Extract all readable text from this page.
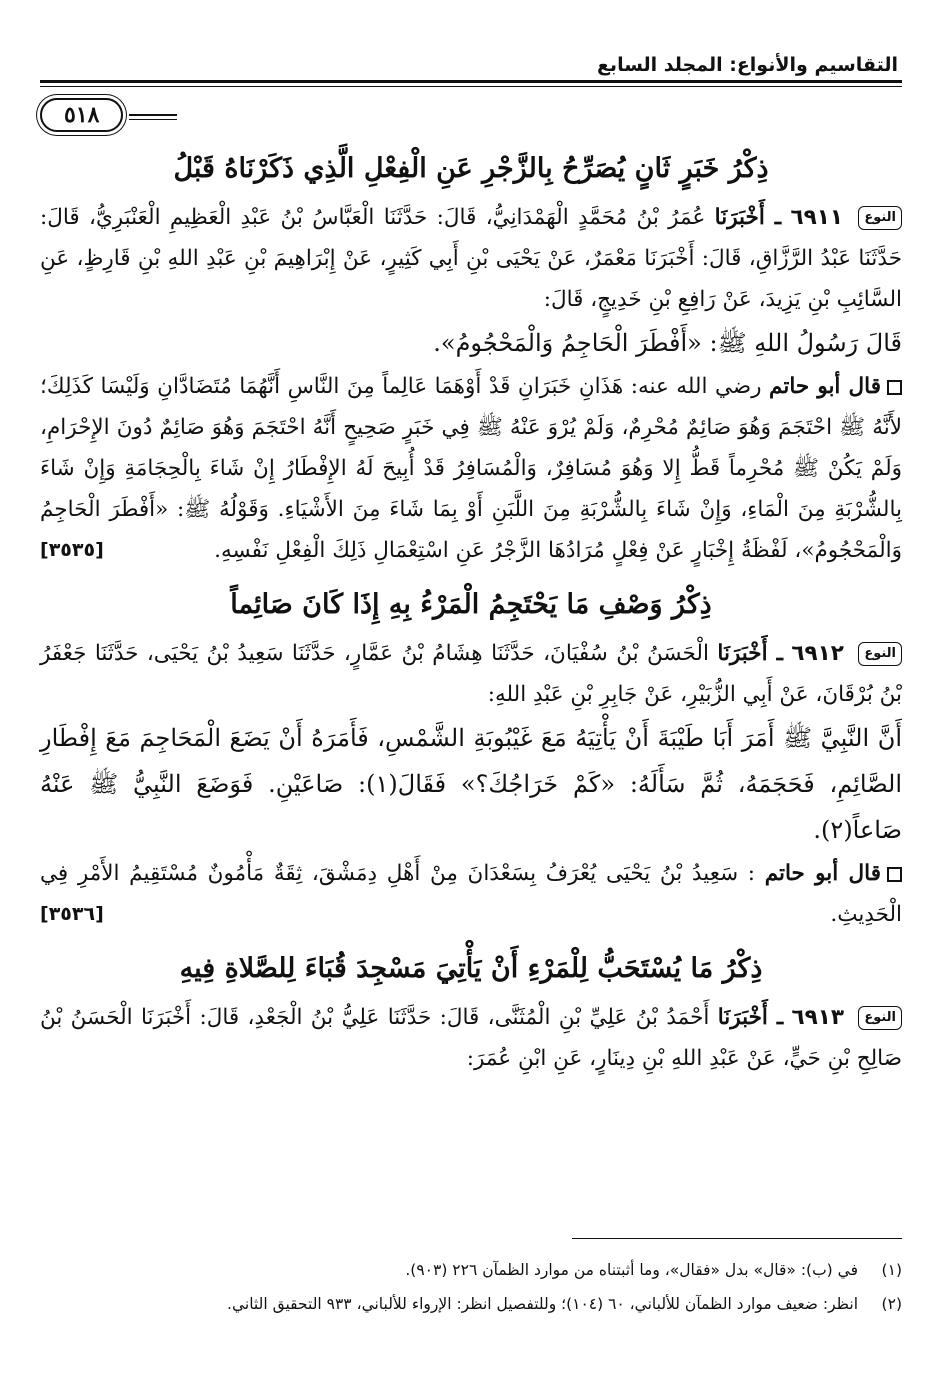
التقاسيم والأنواع: المجلد السابع
٥١٨
ذِكْرُ خَبَرٍ ثَانٍ يُصَرِّحُ بِالزَّجْرِ عَنِ الْفِعْلِ الَّذِي ذَكَرْنَاهُ قَبْلُ

النوع ٦٩١١ ـ أَخْبَرَنَا عُمَرُ بْنُ مُحَمَّدٍ الْهَمْدَانِيُّ، قَالَ: حَدَّثَنَا الْعَبَّاسُ بْنُ عَبْدِ الْعَظِيمِ الْعَنْبَرِيُّ، قَالَ: حَدَّثَنَا عَبْدُ الرَّزَّاقِ، قَالَ: أَخْبَرَنَا مَعْمَرٌ، عَنْ يَحْيَى بْنِ أَبِي كَثِيرٍ، عَنْ إِبْرَاهِيمَ بْنِ عَبْدِ اللهِ بْنِ قَارِظٍ، عَنِ السَّائِبِ بْنِ يَزِيدَ، عَنْ رَافِعِ بْنِ خَدِيجٍ، قَالَ:

قَالَ رَسُولُ اللهِ ﷺ: «أَفْطَرَ الْحَاجِمُ وَالْمَحْجُومُ».

قال أبو حاتم رضي الله عنه: هَذَانِ خَبَرَانِ قَدْ أَوْهَمَا عَالِماً مِنَ النَّاسِ أَنَّهُمَا مُتَضَادَّانِ وَلَيْسَا كَذَلِكَ؛ لأَنَّهُ ﷺ احْتَجَمَ وَهُوَ صَائِمٌ مُحْرِمٌ، وَلَمْ يُرْوَ عَنْهُ ﷺ فِي خَبَرٍ صَحِيحٍ أَنَّهُ احْتَجَمَ وَهُوَ صَائِمٌ دُونَ الإِحْرَامِ، وَلَمْ يَكُنْ ﷺ مُحْرِماً قَطُّ إِلا وَهُوَ مُسَافِرٌ، وَالْمُسَافِرُ قَدْ أُبِيحَ لَهُ الإِفْطَارُ إِنْ شَاءَ بِالْحِجَامَةِ وَإِنْ شَاءَ بِالشُّرْبَةِ مِنَ الْمَاءِ، وَإِنْ شَاءَ بِالشُّرْبَةِ مِنَ اللَّبَنِ أَوْ بِمَا شَاءَ مِنَ الأَشْيَاءِ. وَقَوْلُهُ ﷺ: «أَفْطَرَ الْحَاجِمُ وَالْمَحْجُومُ»، لَفْظَةُ إِخْبَارٍ عَنْ فِعْلٍ مُرَادُهَا الزَّجْرُ عَنِ اسْتِعْمَالِ ذَلِكَ الْفِعْلِ نَفْسِهِ.
[٣٥٣٥]

ذِكْرُ وَصْفِ مَا يَحْتَجِمُ الْمَرْءُ بِهِ إِذَا كَانَ صَائِماً

النوع ٦٩١٢ ـ أَخْبَرَنَا الْحَسَنُ بْنُ سُفْيَانَ، حَدَّثَنَا هِشَامُ بْنُ عَمَّارٍ، حَدَّثَنَا سَعِيدُ بْنُ يَحْيَى، حَدَّثَنَا جَعْفَرُ بْنُ بُرْقَانَ، عَنْ أَبِي الزُّبَيْرِ، عَنْ جَابِرِ بْنِ عَبْدِ اللهِ:

أَنَّ النَّبِيَّ ﷺ أَمَرَ أَبَا طَيْبَةَ أَنْ يَأْتِيَهُ مَعَ غَيْبُوبَةِ الشَّمْسِ، فَأَمَرَهُ أَنْ يَضَعَ الْمَحَاجِمَ مَعَ إِفْطَارِ الصَّائِمِ، فَحَجَمَهُ، ثُمَّ سَأَلَهُ: «كَمْ خَرَاجُكَ؟» فَقَالَ(١): صَاعَيْنِ. فَوَضَعَ النَّبِيُّ ﷺ عَنْهُ صَاعاً(٢).

قال أبو حاتم : سَعِيدُ بْنُ يَحْيَى يُعْرَفُ بِسَعْدَانَ مِنْ أَهْلِ دِمَشْقَ، ثِقَةٌ مَأْمُونٌ مُسْتَقِيمُ الأَمْرِ فِي الْحَدِيثِ.
[٣٥٣٦]

ذِكْرُ مَا يُسْتَحَبُّ لِلْمَرْءِ أَنْ يَأْتِيَ مَسْجِدَ قُبَاءَ لِلصَّلاةِ فِيهِ

النوع ٦٩١٣ ـ أَخْبَرَنَا أَحْمَدُ بْنُ عَلِيِّ بْنِ الْمُثَنَّى، قَالَ: حَدَّثَنَا عَلِيُّ بْنُ الْجَعْدِ، قَالَ: أَخْبَرَنَا الْحَسَنُ بْنُ صَالِحِ بْنِ حَيٍّ، عَنْ عَبْدِ اللهِ بْنِ دِينَارٍ، عَنِ ابْنِ عُمَرَ:

(١)في (ب): «قال» بدل «فقال»، وما أثبتناه من موارد الظمآن ٢٢٦ (٩٠٣).
(٢)انظر: ضعيف موارد الظمآن للألباني، ٦٠ (١٠٤)؛ وللتفصيل انظر: الإرواء للألباني، ٩٣٣ التحقيق الثاني.
